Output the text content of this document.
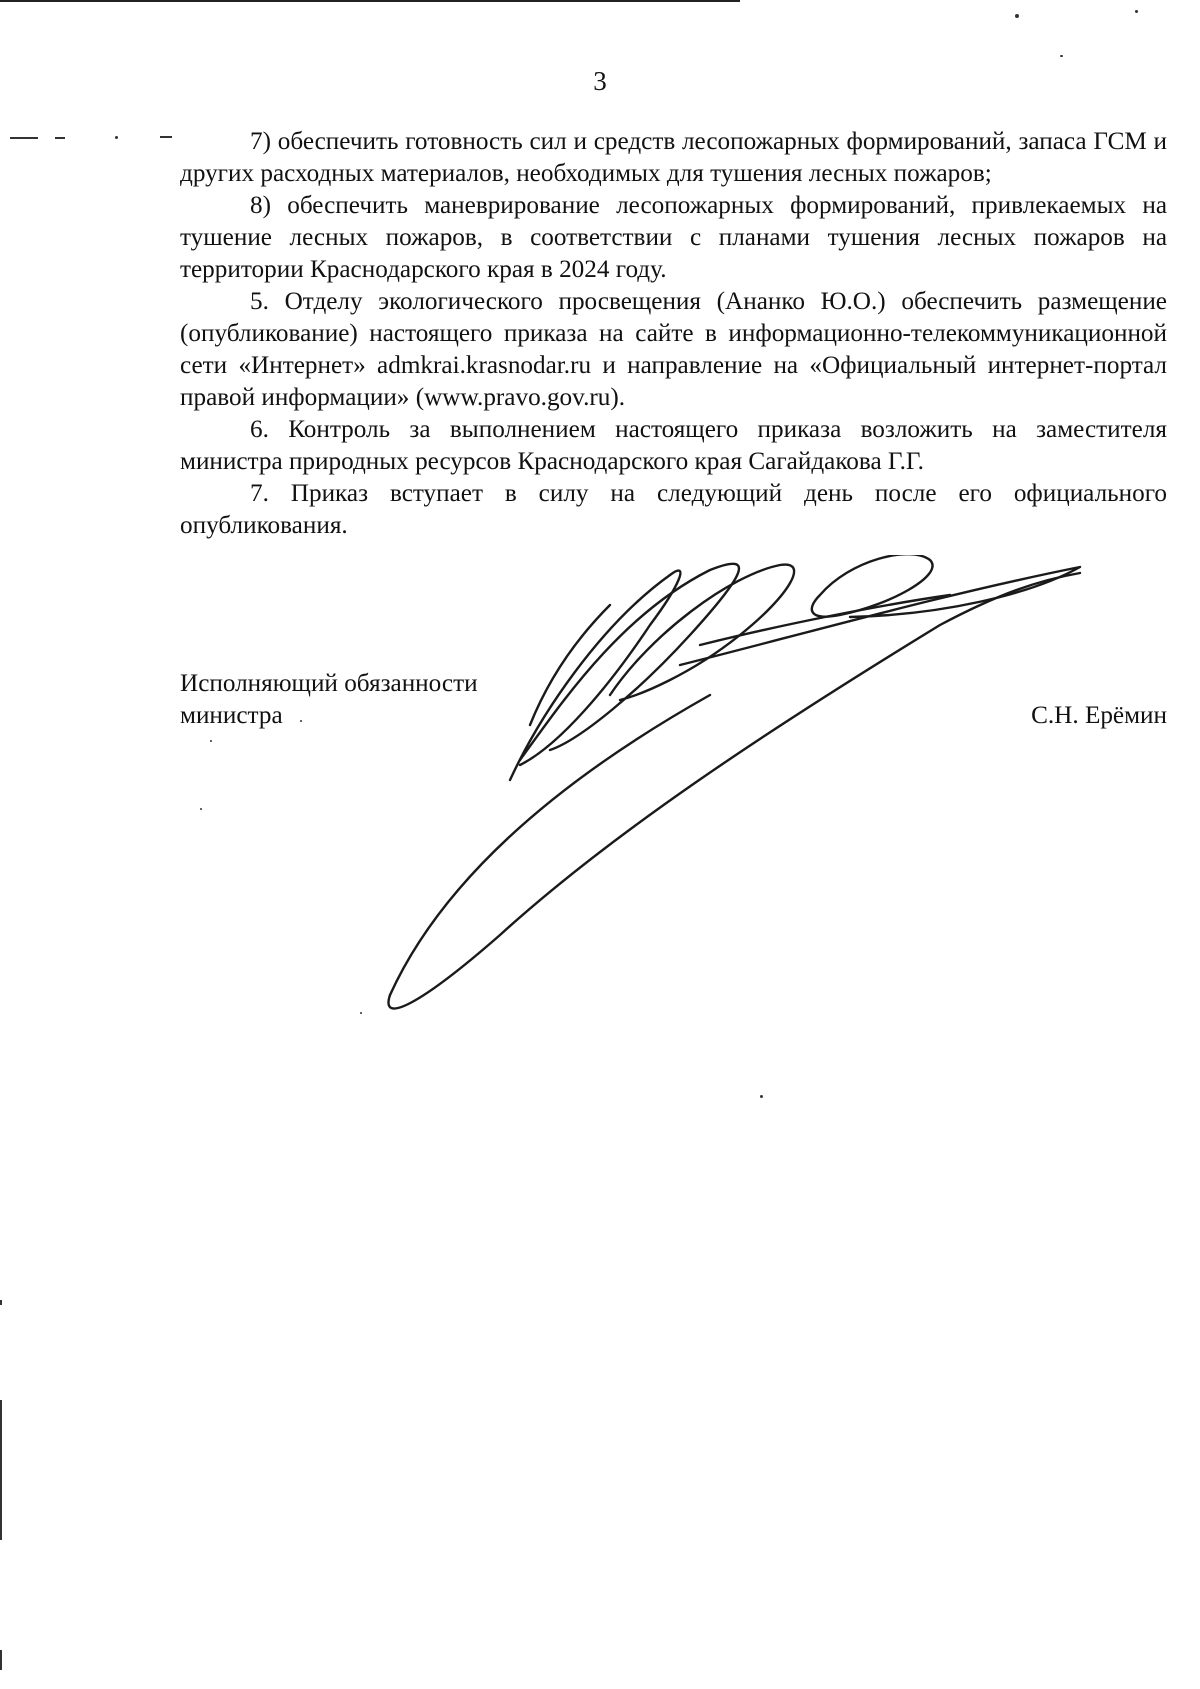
3

7) обеспечить готовность сил и средств лесопожарных формирований, запаса ГСМ и других расходных материалов, необходимых для тушения лесных пожаров;

8) обеспечить маневрирование лесопожарных формирований, привлекаемых на тушение лесных пожаров, в соответствии с планами тушения лесных пожаров на территории Краснодарского края в 2024 году.

5. Отделу экологического просвещения (Ананко Ю.О.) обеспечить размещение (опубликование) настоящего приказа на сайте в информационно-телекоммуникационной сети «Интернет» admkrai.krasnodar.ru и направление на «Официальный интернет-портал правой информации» (www.pravo.gov.ru).

6. Контроль за выполнением настоящего приказа возложить на заместителя министра природных ресурсов Краснодарского края Сагайдакова Г.Г.

7. Приказ вступает в силу на следующий день после его официального опубликования.

Исполняющий обязанности
министра	С.Н. Ерёмин
